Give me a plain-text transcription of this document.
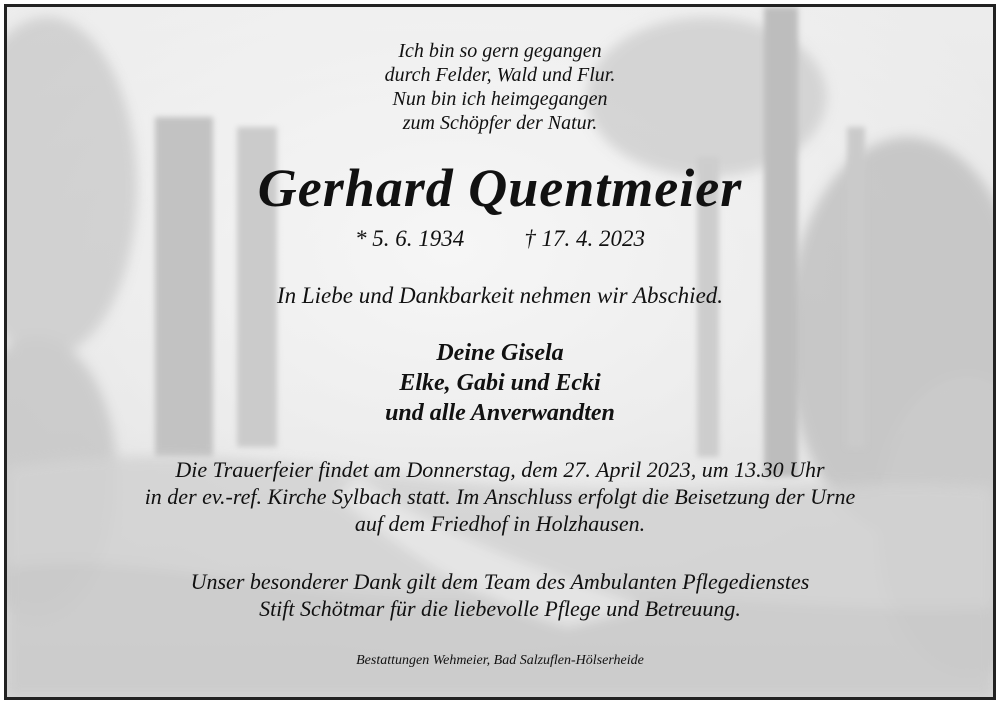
Ich bin so gern gegangen
durch Felder, Wald und Flur.
Nun bin ich heimgegangen
zum Schöpfer der Natur.
Gerhard Quentmeier
* 5. 6. 1934	† 17. 4. 2023
In Liebe und Dankbarkeit nehmen wir Abschied.
Deine Gisela
Elke, Gabi und Ecki
und alle Anverwandten
Die Trauerfeier findet am Donnerstag, dem 27. April 2023, um 13.30 Uhr
in der ev.-ref. Kirche Sylbach statt. Im Anschluss erfolgt die Beisetzung der Urne
auf dem Friedhof in Holzhausen.
Unser besonderer Dank gilt dem Team des Ambulanten Pflegedienstes
Stift Schötmar für die liebevolle Pflege und Betreuung.
Bestattungen Wehmeier, Bad Salzuflen-Hölserheide
